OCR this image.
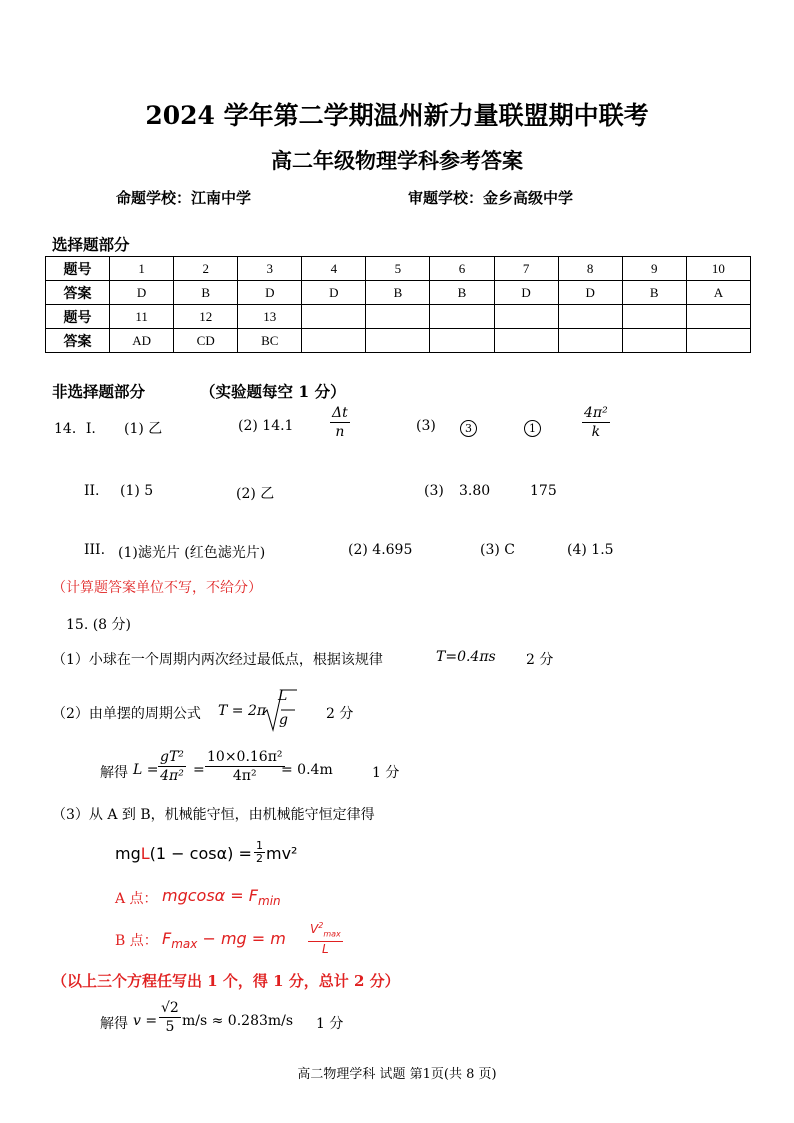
2024 学年第二学期温州新力量联盟期中联考
高二年级物理学科参考答案
命题学校：江南中学	审题学校：金乡高级中学
选择题部分
题号	1	2	3	4	5	6	7	8	9	10
答案	D	B	D	D	B	B	D	D	B	A
题号	11	12	13							
答案	AD	CD	BC							
非选择题部分	（实验题每空 1 分）
14．I. (1) 乙	(2) 14.1	$\frac{\Delta t}{n}$	(3)	3	1	$\frac{\text{4π²}}{k}$
II. (1) 5	(2) 乙	(3) 3.80	175
III. (1)滤光片 (红色滤光片)	(2) 4.695	(3) C	(4) 1.5
（计算题答案单位不写，不给分）
15. (8 分)
（1）小球在一个周期内两次经过最低点，根据该规律	T=0.4πs 2 分
（2）由单摆的周期公式 T = 2π
L
g	2 分
解得 $L = \frac{\text{gT²}}{\text{4π²}} = \frac{\text{10×0.16π²}}{\text{4π²}}$
= 0.4m	1 分
（3）从 A 到 B，机械能守恒，由机械能守恒定律得
$mgL(1 - \cos\alpha) = \frac{1}{2} mv^2$
A 点： $mgcos\alpha = F_{min}$
B 点： $F_{max}$ − mg = m $\frac{V^2_{max}}{L}$
（以上三个方程任写出 1 个，得 1 分，总计 2 分）
解得 $v = \frac{√2}{5} m/s \approx 0.283m/s$ 1 分
高二物理学科 试题 第1页(共 8 页)
